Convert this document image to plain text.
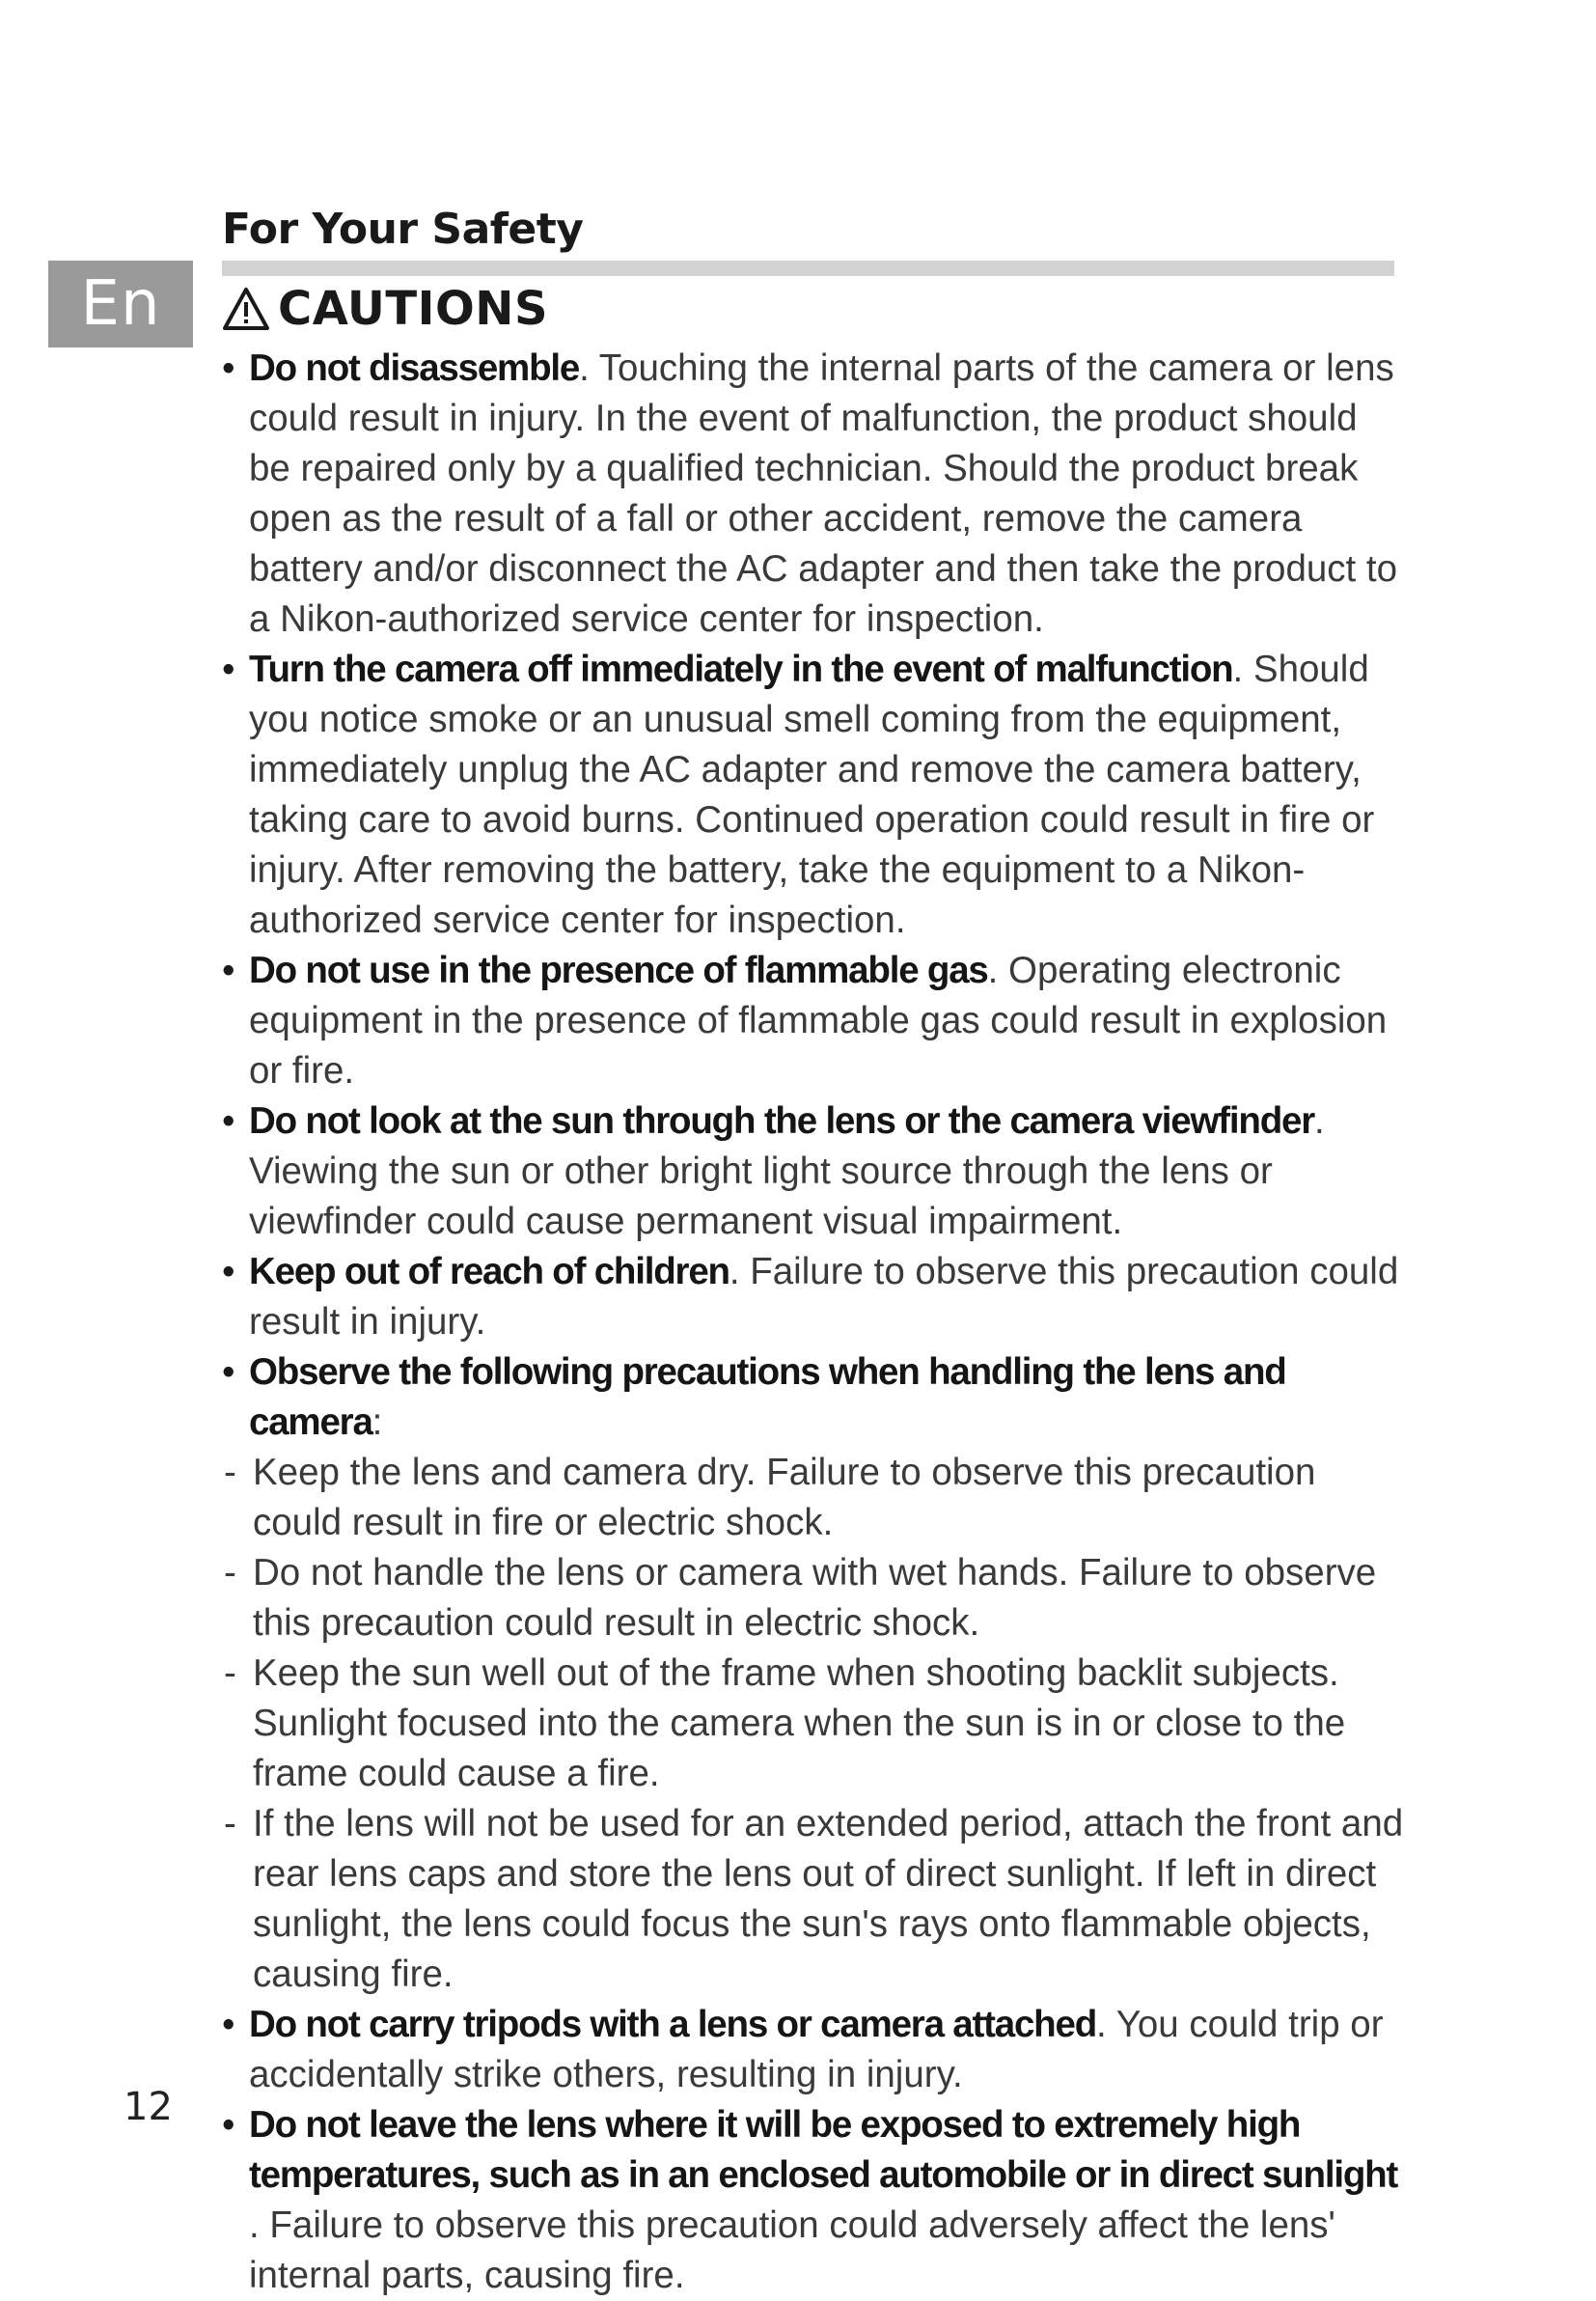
En
For Your Safety
CAUTIONS

• Do not disassemble. Touching the internal parts of the camera or lens could result in injury. In the event of malfunction, the product should be repaired only by a qualified technician. Should the product break open as the result of a fall or other accident, remove the camera battery and/or disconnect the AC adapter and then take the product to a Nikon-authorized service center for inspection.

• Turn the camera off immediately in the event of malfunction. Should you notice smoke or an unusual smell coming from the equipment, immediately unplug the AC adapter and remove the camera battery, taking care to avoid burns. Continued operation could result in fire or injury. After removing the battery, take the equipment to a Nikon-authorized service center for inspection.

• Do not use in the presence of flammable gas. Operating electronic equipment in the presence of flammable gas could result in explosion or fire.

• Do not look at the sun through the lens or the camera viewfinder. Viewing the sun or other bright light source through the lens or viewfinder could cause permanent visual impairment.

• Keep out of reach of children. Failure to observe this precaution could result in injury.

• Observe the following precautions when handling the lens and camera:

- Keep the lens and camera dry. Failure to observe this precaution could result in fire or electric shock.

- Do not handle the lens or camera with wet hands. Failure to observe this precaution could result in electric shock.

- Keep the sun well out of the frame when shooting backlit subjects. Sunlight focused into the camera when the sun is in or close to the frame could cause a fire.

- If the lens will not be used for an extended period, attach the front and rear lens caps and store the lens out of direct sunlight. If left in direct sunlight, the lens could focus the sun's rays onto flammable objects, causing fire.

• Do not carry tripods with a lens or camera attached. You could trip or accidentally strike others, resulting in injury.

• Do not leave the lens where it will be exposed to extremely high temperatures, such as in an enclosed automobile or in direct sunlight . Failure to observe this precaution could adversely affect the lens' internal parts, causing fire.

12
